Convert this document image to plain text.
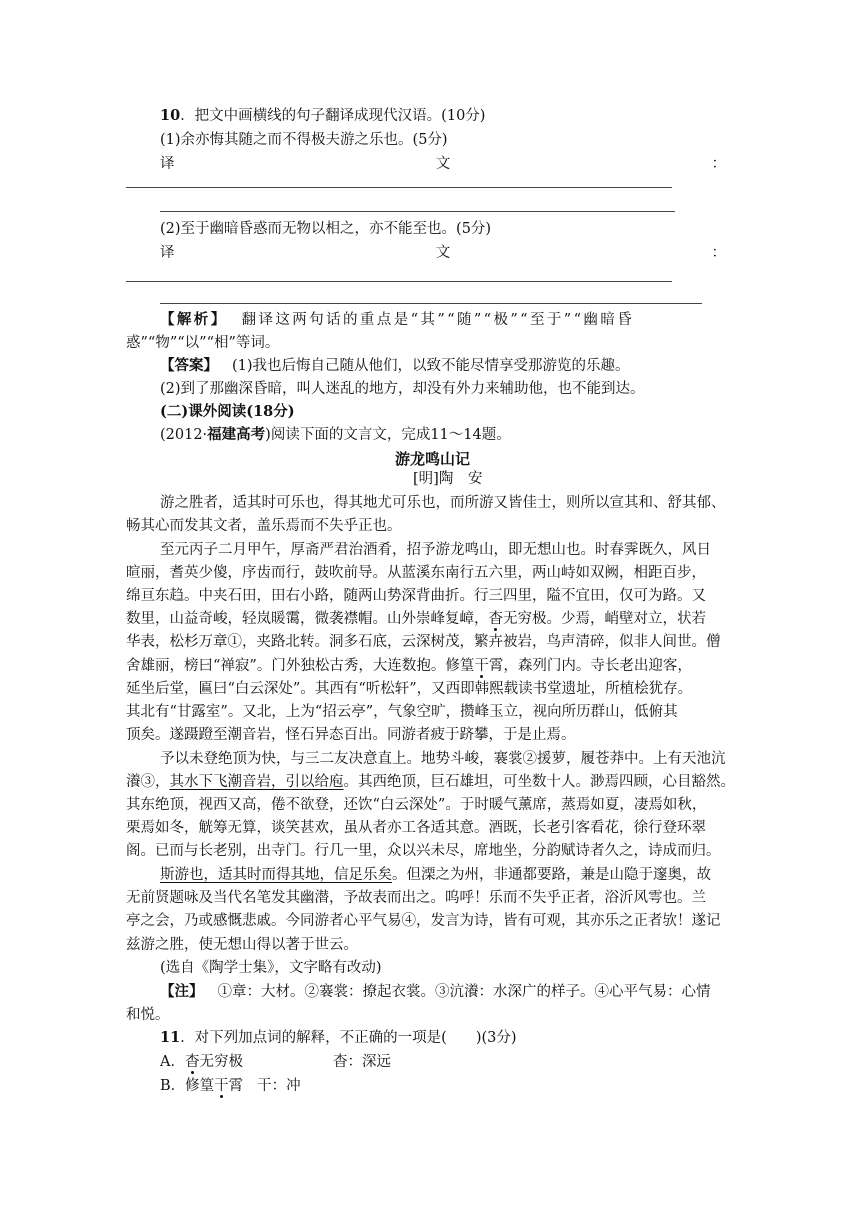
10．把文中画横线的句子翻译成现代汉语。(10分)
(1)余亦悔其随之而不得极夫游之乐也。(5分)
译	文	：
(2)至于幽暗昏惑而无物以相之，亦不能至也。(5分)
译	文	：
【解析】 翻译这两句话的重点是“其”“随”“极”“至于”“幽暗昏
惑”“物”“以”“相”等词。
【答案】 (1)我也后悔自己随从他们，以致不能尽情享受那游览的乐趣。
(2)到了那幽深昏暗，叫人迷乱的地方，却没有外力来辅助他，也不能到达。
(二)课外阅读(18分)
(2012·福建高考)阅读下面的文言文，完成11～14题。
游龙鸣山记
[明]陶　安
游之胜者，适其时可乐也，得其地尤可乐也，而所游又皆佳士，则所以宣其和、舒其郁、
畅其心而发其文者，盖乐焉而不失乎正也。
至元丙子二月甲午，厚斋严君治酒肴，招予游龙鸣山，即无想山也。时春霁既久，风日
暄丽，耆英少傻，序齿而行，鼓吹前导。从蓝溪东南行五六里，两山峙如双阙，相距百步，
绵亘东趋。中夹石田，田右小路，随两山势深背曲折。行三四里，隘不宜田，仅可为路。又
数里，山益奇峻，轻岚暖霭，微袭襟帽。山外崇峰复嶂，杳无穷极。少焉，峭壁对立，状若
华表，松杉万章①，夹路北转。洞多石底，云深树茂，繁卉被岩，鸟声清碎，似非人间世。僧
舍雄丽，榜曰“禅寂”。门外独松古秀，大连数抱。修篁干霄，森列门内。寺长老出迎客，
延坐后堂，匾曰“白云深处”。其西有“听松轩”，又西即韩熙载读书堂遗址，所植桧犹存。
其北有“甘露室”。又北，上为“招云亭”，气象空旷，攒峰玉立，视向所历群山，低俯其
顶矣。遂蹑蹬至潮音岩，怪石异态百出。同游者疲于跻攀，于是止焉。
予以未登绝顶为快，与三二友决意直上。地势斗峻，褰裳②援萝，履苍莽中。上有天池沆
瀁③，其水下飞潮音岩，引以给庖。其西绝顶，巨石雄坦，可坐数十人。渺焉四顾，心目豁然。
其东绝顶，视西又高，倦不欲登，还饮“白云深处”。于时暖气薰席，蒸焉如夏，凄焉如秋，
栗焉如冬，觥筹无算，谈笑甚欢，虽从者亦工各适其意。酒既，长老引客看花，徐行登环翠
阁。已而与长老别，出寺门。行几一里，众以兴未尽，席地坐，分韵赋诗者久之，诗成而归。
斯游也，适其时而得其地，信足乐矣。但溧之为州，非通都要路，兼是山隐于邃奥，故
无前贤题咏及当代名笔发其幽潜，予故表而出之。呜呼！乐而不失乎正者，浴沂风雩也。兰
亭之会，乃或感慨悲戚。今同游者心平气易④，发言为诗，皆有可观，其亦乐之正者欤！遂记
兹游之胜，使无想山得以著于世云。
(选自《陶学士集》，文字略有改动)
【注】 ①章：大材。②褰裳：撩起衣裳。③沆瀁：水深广的样子。④心平气易：心情
和悦。
11．对下列加点词的解释，不正确的一项是(　　)(3分)
A．杳无穷极	杳：深远
B．修篁干霄 干：冲
